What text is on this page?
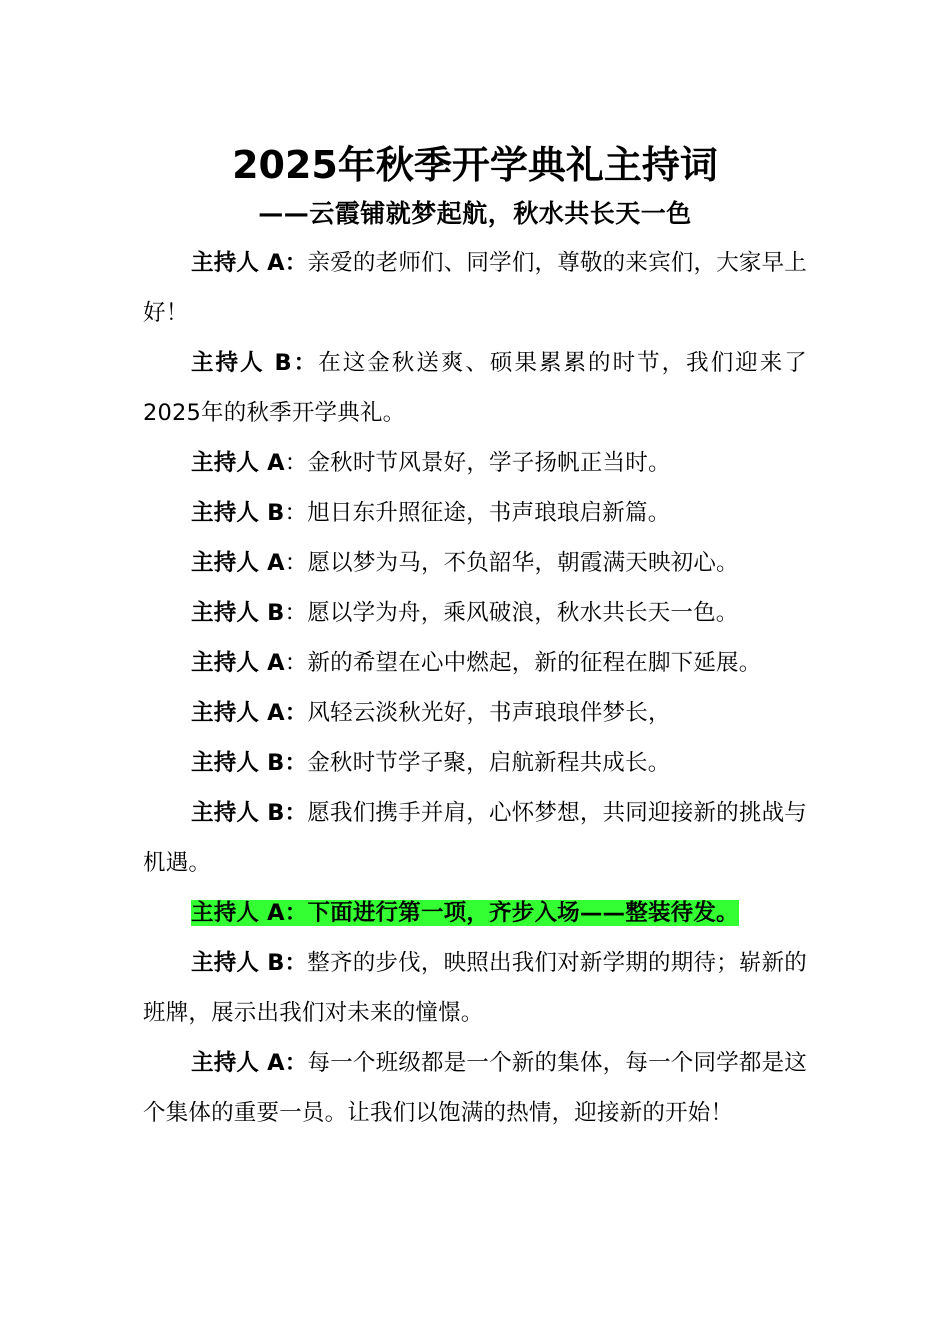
2025年秋季开学典礼主持词
——云霞铺就梦起航，秋水共长天一色

主持人 A：亲爱的老师们、同学们，尊敬的来宾们，大家早上好！

主持人 B：在这金秋送爽、硕果累累的时节，我们迎来了2025年的秋季开学典礼。

主持人 A：金秋时节风景好，学子扬帆正当时。

主持人 B：旭日东升照征途，书声琅琅启新篇。

主持人 A：愿以梦为马，不负韶华，朝霞满天映初心。

主持人 B：愿以学为舟，乘风破浪，秋水共长天一色。

主持人 A：新的希望在心中燃起，新的征程在脚下延展。

主持人 A：风轻云淡秋光好，书声琅琅伴梦长，

主持人 B：金秋时节学子聚，启航新程共成长。

主持人 B：愿我们携手并肩，心怀梦想，共同迎接新的挑战与机遇。

主持人 A：下面进行第一项，齐步入场——整装待发。

主持人 B：整齐的步伐，映照出我们对新学期的期待；崭新的班牌，展示出我们对未来的憧憬。

主持人 A：每一个班级都是一个新的集体，每一个同学都是这个集体的重要一员。让我们以饱满的热情，迎接新的开始！
